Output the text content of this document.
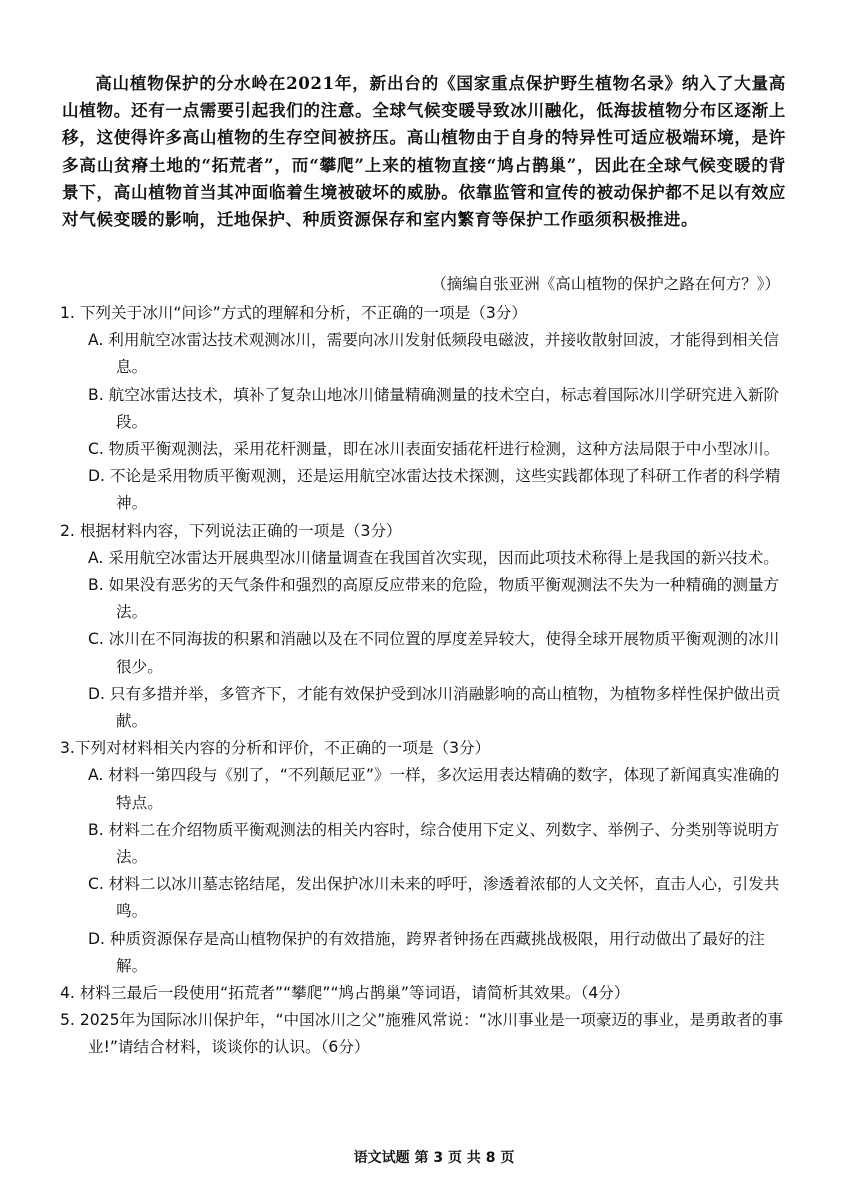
高山植物保护的分水岭在2021年，新出台的《国家重点保护野生植物名录》纳入了大量高山植物。还有一点需要引起我们的注意。全球气候变暖导致冰川融化，低海拔植物分布区逐渐上移，这使得许多高山植物的生存空间被挤压。高山植物由于自身的特异性可适应极端环境，是许多高山贫瘠土地的“拓荒者”，而“攀爬”上来的植物直接“鸠占鹊巢”，因此在全球气候变暖的背景下，高山植物首当其冲面临着生境被破坏的威胁。依靠监管和宣传的被动保护都不足以有效应对气候变暖的影响，迁地保护、种质资源保存和室内繁育等保护工作亟须积极推进。

（摘编自张亚洲《高山植物的保护之路在何方？》）

1. 下列关于冰川“问诊”方式的理解和分析，不正确的一项是（3分）

A. 利用航空冰雷达技术观测冰川，需要向冰川发射低频段电磁波，并接收散射回波，才能得到相关信息。

B. 航空冰雷达技术，填补了复杂山地冰川储量精确测量的技术空白，标志着国际冰川学研究进入新阶段。

C. 物质平衡观测法，采用花杆测量，即在冰川表面安插花杆进行检测，这种方法局限于中小型冰川。

D. 不论是采用物质平衡观测，还是运用航空冰雷达技术探测，这些实践都体现了科研工作者的科学精神。

2. 根据材料内容，下列说法正确的一项是（3分）

A. 采用航空冰雷达开展典型冰川储量调查在我国首次实现，因而此项技术称得上是我国的新兴技术。

B. 如果没有恶劣的天气条件和强烈的高原反应带来的危险，物质平衡观测法不失为一种精确的测量方法。

C. 冰川在不同海拔的积累和消融以及在不同位置的厚度差异较大，使得全球开展物质平衡观测的冰川很少。

D. 只有多措并举，多管齐下，才能有效保护受到冰川消融影响的高山植物，为植物多样性保护做出贡献。

3.下列对材料相关内容的分析和评价，不正确的一项是（3分）

A. 材料一第四段与《别了，“不列颠尼亚”》一样，多次运用表达精确的数字，体现了新闻真实准确的特点。

B. 材料二在介绍物质平衡观测法的相关内容时，综合使用下定义、列数字、举例子、分类别等说明方法。

C. 材料二以冰川墓志铭结尾，发出保护冰川未来的呼吁，渗透着浓郁的人文关怀，直击人心，引发共鸣。

D. 种质资源保存是高山植物保护的有效措施，跨界者钟扬在西藏挑战极限，用行动做出了最好的注解。

4. 材料三最后一段使用“拓荒者”“攀爬”“鸠占鹊巢”等词语，请简析其效果。（4分）

5. 2025年为国际冰川保护年，“中国冰川之父”施雅风常说：“冰川事业是一项豪迈的事业，是勇敢者的事业!”请结合材料，谈谈你的认识。（6分）

语文试题 第 3 页 共 8 页
